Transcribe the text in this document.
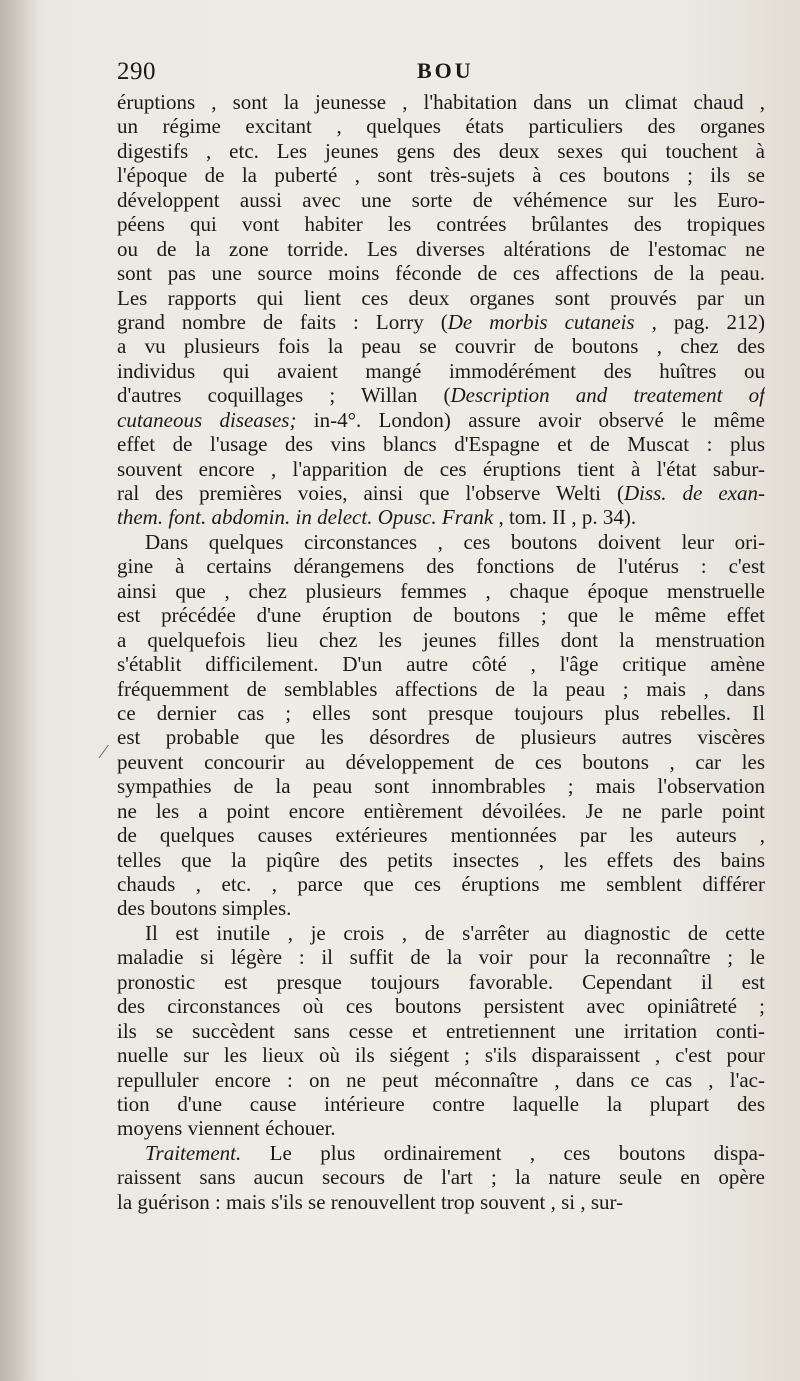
290	BOU
éruptions , sont la jeunesse , l'habitation dans un climat chaud ,
un régime excitant , quelques états particuliers des organes
digestifs , etc. Les jeunes gens des deux sexes qui touchent à
l'époque de la puberté , sont très-sujets à ces boutons ; ils se
développent aussi avec une sorte de véhémence sur les Euro-
péens qui vont habiter les contrées brûlantes des tropiques
ou de la zone torride. Les diverses altérations de l'estomac ne
sont pas une source moins féconde de ces affections de la peau.
Les rapports qui lient ces deux organes sont prouvés par un
grand nombre de faits : Lorry (De morbis cutaneis , pag. 212)
a vu plusieurs fois la peau se couvrir de boutons , chez des
individus qui avaient mangé immodérément des huîtres ou
d'autres coquillages ; Willan (Description and treatement of
cutaneous diseases; in-4°. London) assure avoir observé le même
effet de l'usage des vins blancs d'Espagne et de Muscat : plus
souvent encore , l'apparition de ces éruptions tient à l'état sabur-
ral des premières voies, ainsi que l'observe Welti (Diss. de exan-
them. font. abdomin. in delect. Opusc. Frank , tom. II , p. 34).
Dans quelques circonstances , ces boutons doivent leur ori-
gine à certains dérangemens des fonctions de l'utérus : c'est
ainsi que , chez plusieurs femmes , chaque époque menstruelle
est précédée d'une éruption de boutons ; que le même effet
a quelquefois lieu chez les jeunes filles dont la menstruation
s'établit difficilement. D'un autre côté , l'âge critique amène
fréquemment de semblables affections de la peau ; mais , dans
ce dernier cas ; elles sont presque toujours plus rebelles. Il
est probable que les désordres de plusieurs autres viscères
peuvent concourir au développement de ces boutons , car les
sympathies de la peau sont innombrables ; mais l'observation
ne les a point encore entièrement dévoilées. Je ne parle point
de quelques causes extérieures mentionnées par les auteurs ,
telles que la piqûre des petits insectes , les effets des bains
chauds , etc. , parce que ces éruptions me semblent différer
des boutons simples.
Il est inutile , je crois , de s'arrêter au diagnostic de cette
maladie si légère : il suffit de la voir pour la reconnaître ; le
pronostic est presque toujours favorable. Cependant il est
des circonstances où ces boutons persistent avec opiniâtreté ;
ils se succèdent sans cesse et entretiennent une irritation conti-
nuelle sur les lieux où ils siégent ; s'ils disparaissent , c'est pour
repulluler encore : on ne peut méconnaître , dans ce cas , l'ac-
tion d'une cause intérieure contre laquelle la plupart des
moyens viennent échouer.
Traitement. Le plus ordinairement , ces boutons dispa-
raissent sans aucun secours de l'art ; la nature seule en opère
la guérison : mais s'ils se renouvellent trop souvent , si , sur-
⁄
